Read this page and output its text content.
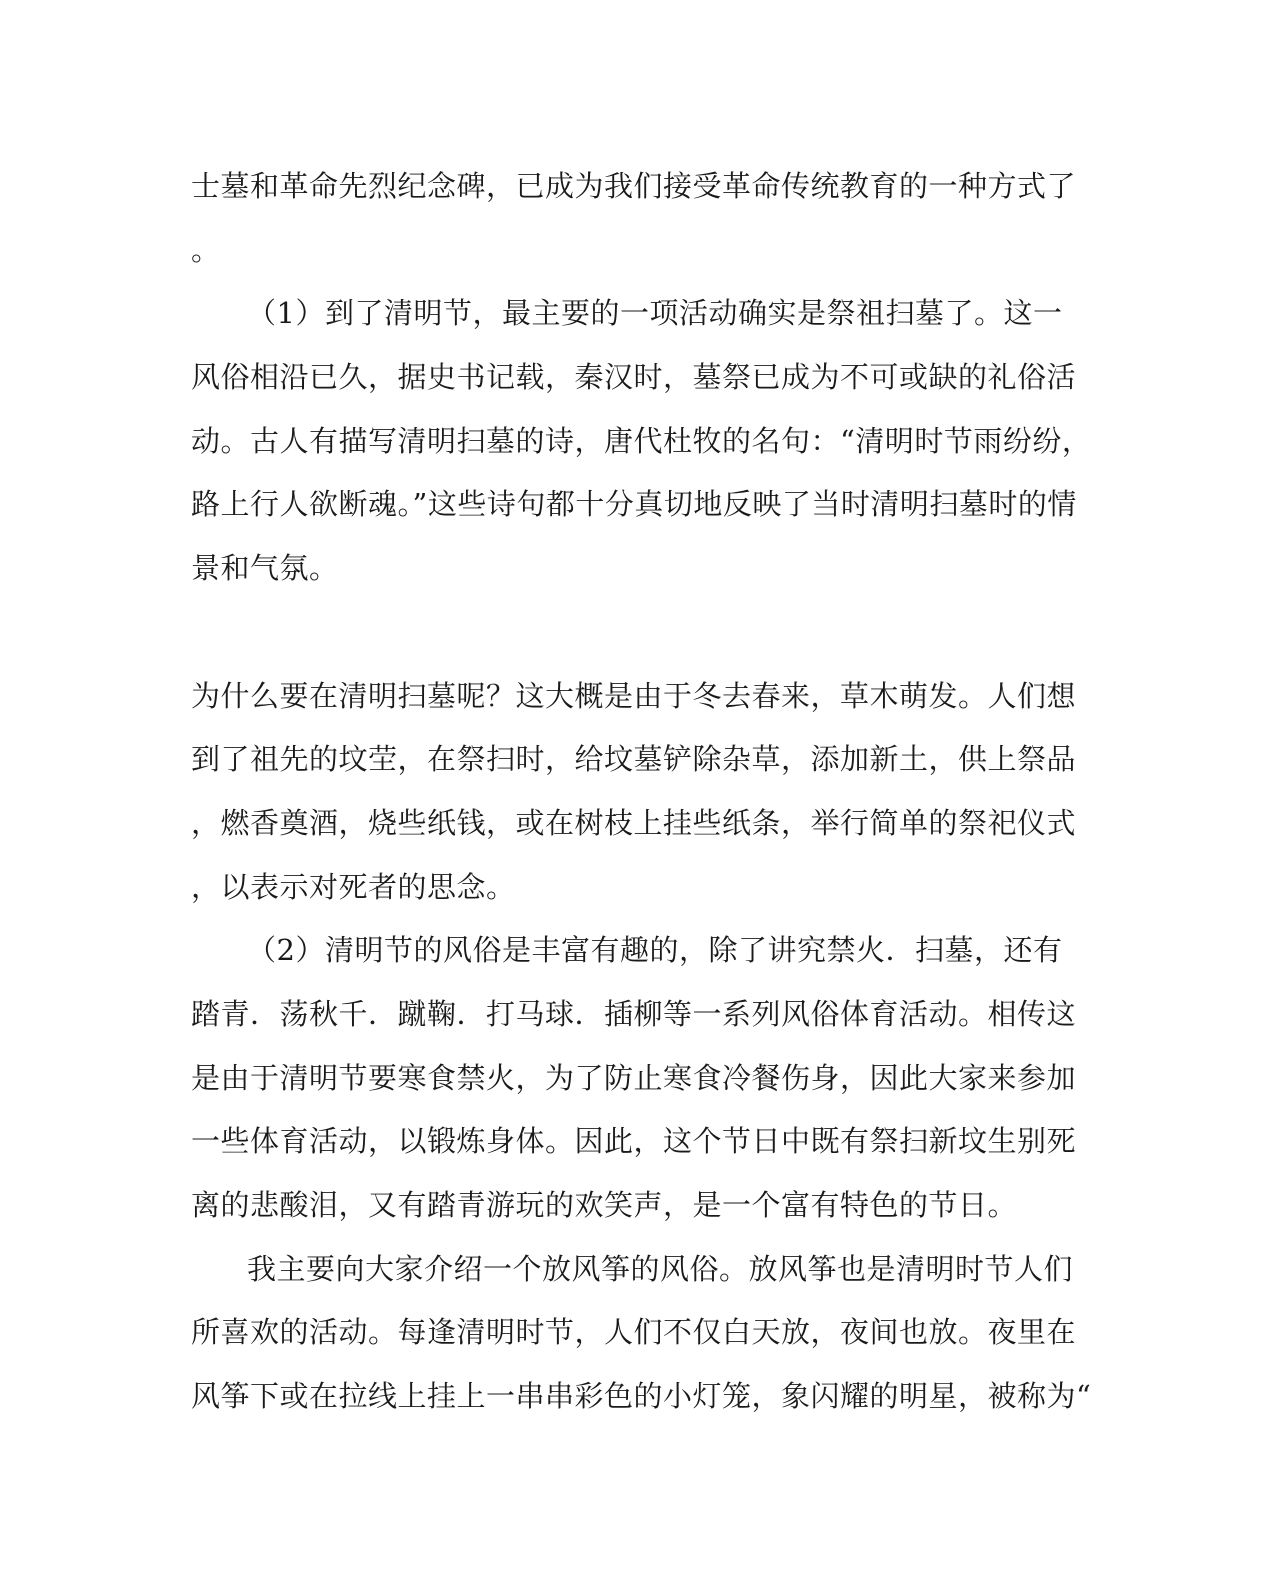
士墓和革命先烈纪念碑，已成为我们接受革命传统教育的一种方式了
。
（1）到了清明节，最主要的一项活动确实是祭祖扫墓了。这一
风俗相沿已久，据史书记载，秦汉时，墓祭已成为不可或缺的礼俗活
动。古人有描写清明扫墓的诗，唐代杜牧的名句：“清明时节雨纷纷，
路上行人欲断魂。”这些诗句都十分真切地反映了当时清明扫墓时的情
景和气氛。
为什么要在清明扫墓呢？这大概是由于冬去春来，草木萌发。人们想
到了祖先的坟茔，在祭扫时，给坟墓铲除杂草，添加新土，供上祭品
，燃香奠酒，烧些纸钱，或在树枝上挂些纸条，举行简单的祭祀仪式
，以表示对死者的思念。
（2）清明节的风俗是丰富有趣的，除了讲究禁火．扫墓，还有
踏青．荡秋千．蹴鞠．打马球．插柳等一系列风俗体育活动。相传这
是由于清明节要寒食禁火，为了防止寒食冷餐伤身，因此大家来参加
一些体育活动，以锻炼身体。因此，这个节日中既有祭扫新坟生别死
离的悲酸泪，又有踏青游玩的欢笑声，是一个富有特色的节日。
我主要向大家介绍一个放风筝的风俗。放风筝也是清明时节人们
所喜欢的活动。每逢清明时节，人们不仅白天放，夜间也放。夜里在
风筝下或在拉线上挂上一串串彩色的小灯笼，象闪耀的明星，被称为“
